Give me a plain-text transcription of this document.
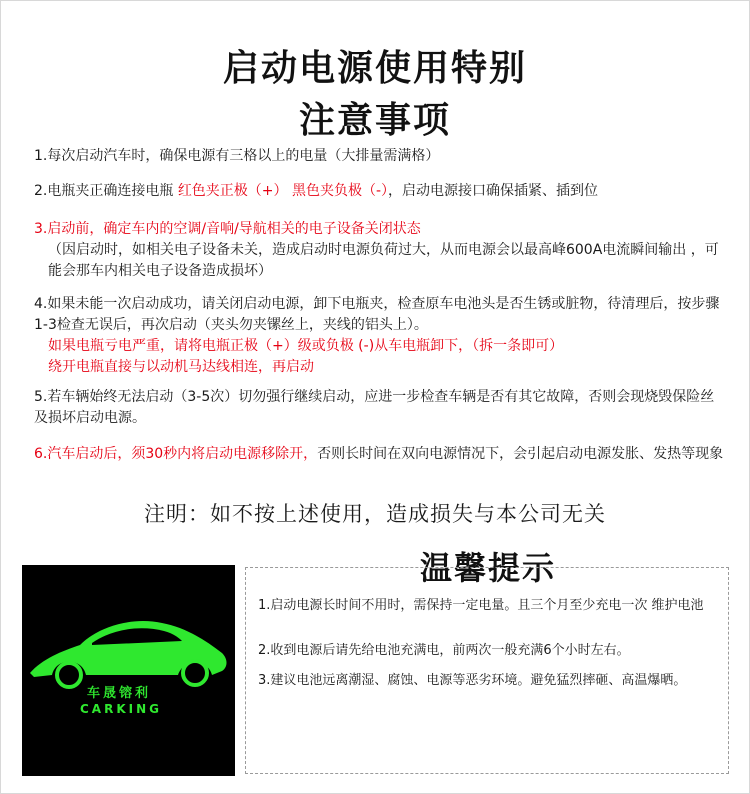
启动电源使用特别
注意事项
1.每次启动汽车时，确保电源有三格以上的电量（大排量需满格）
2.电瓶夹正确连接电瓶 红色夹正极（+） 黑色夹负极（-），启动电源接口确保插紧、插到位
3.启动前，确定车内的空调/音响/导航相关的电子设备关闭状态
（因启动时，如相关电子设备未关，造成启动时电源负荷过大，从而电源会以最高峰600A电流瞬间输出 ，可能会那车内相关电子设备造成损坏）
4.如果未能一次启动成功，请关闭启动电源，卸下电瓶夹，检查原车电池头是否生锈或脏物，待清理后，按步骤1-3检查无误后，再次启动（夹头勿夹镙丝上，夹线的铝头上）。
如果电瓶亏电严重，请将电瓶正极（+）级或负极 (-)从车电瓶卸下，（拆一条即可）
绕开电瓶直接与以动机马达线相连，再启动
5.若车辆始终无法启动（3-5次）切勿强行继续启动，应进一步检查车辆是否有其它故障，否则会现烧毁保险丝及损坏启动电源。
6.汽车启动后，须30秒内将启动电源移除开，否则长时间在双向电源情况下，会引起启动电源发胀、发热等现象
注明：如不按上述使用，造成损失与本公司无关
车晟镕利
CARKING
温馨提示
1.启动电源长时间不用时，需保持一定电量。且三个月至少充电一次 维护电池
2.收到电源后请先给电池充满电，前两次一般充满6个小时左右。
3.建议电池远离潮湿、腐蚀、电源等恶劣环境。避免猛烈摔砸、高温爆晒。
